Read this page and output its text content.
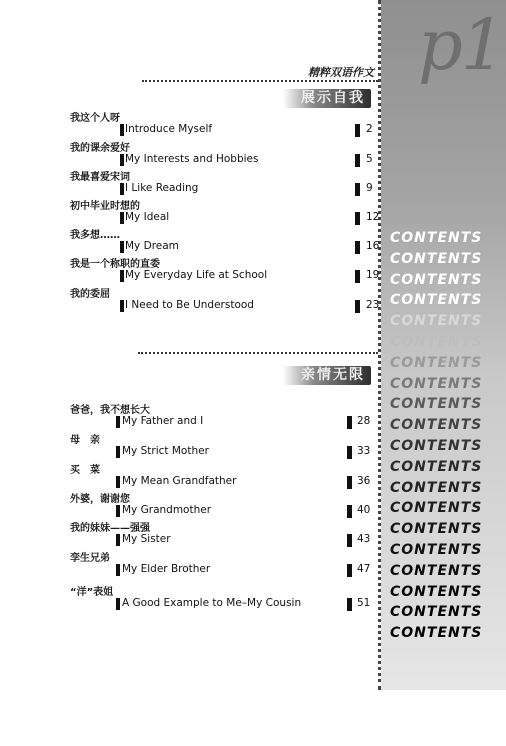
p1
CONTENTS
CONTENTS
CONTENTS
CONTENTS
CONTENTS
CONTENTS
CONTENTS
CONTENTS
CONTENTS
CONTENTS
CONTENTS
CONTENTS
CONTENTS
CONTENTS
CONTENTS
CONTENTS
CONTENTS
CONTENTS
CONTENTS
CONTENTS
精粹双语作文
展示自我
我这个人呀
Introduce Myself	2
我的课余爱好
My Interests and Hobbies	5
我最喜爱宋词
I Like Reading	9
初中毕业时想的
My Ideal	12
我多想……
My Dream	16
我是一个称职的直委
My Everyday Life at School	19
我的委屈
I Need to Be Understood	23
亲情无限
爸爸，我不想长大
My Father and I	28
母　亲
My Strict Mother	33
买　菜
My Mean Grandfather	36
外婆，谢谢您
My Grandmother	40
我的妹妹——强强
My Sister	43
孪生兄弟
My Elder Brother	47
“洋”表姐
A Good Example to Me–My Cousin	51
